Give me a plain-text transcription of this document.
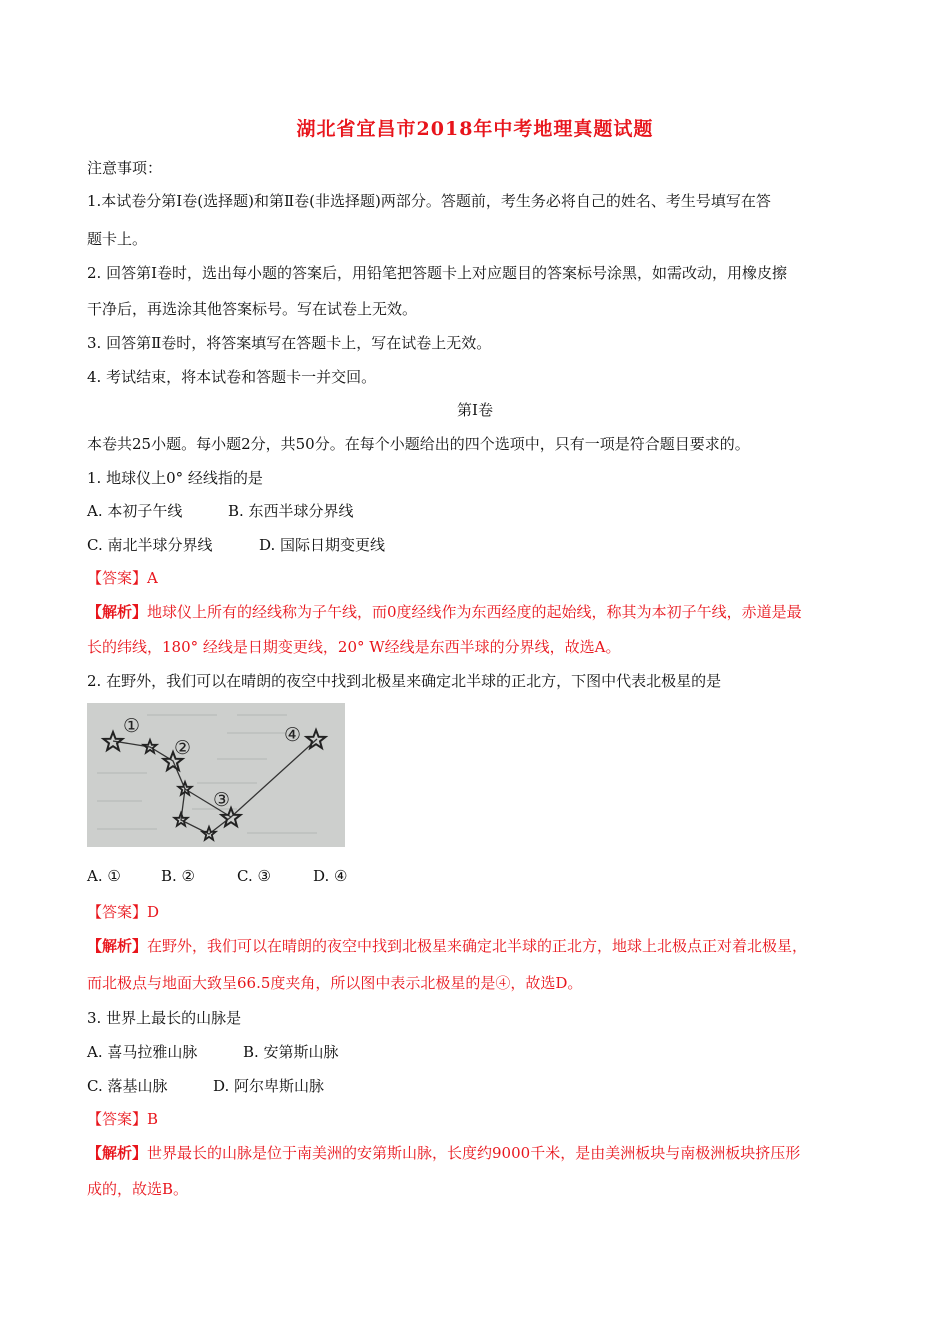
湖北省宜昌市2018年中考地理真题试题
注意事项：
1.本试卷分第Ⅰ卷(选择题)和第Ⅱ卷(非选择题)两部分。答题前，考生务必将自己的姓名、考生号填写在答
题卡上。
2. 回答第Ⅰ卷时，选出每小题的答案后，用铅笔把答题卡上对应题目的答案标号涂黑，如需改动，用橡皮擦
干净后，再选涂其他答案标号。写在试卷上无效。
3. 回答第Ⅱ卷时，将答案填写在答题卡上，写在试卷上无效。
4. 考试结束，将本试卷和答题卡一并交回。
第Ⅰ卷
本卷共25小题。每小题2分，共50分。在每个小题给出的四个选项中，只有一项是符合题目要求的。
1. 地球仪上0° 经线指的是
A. 本初子午线	B. 东西半球分界线
C. 南北半球分界线	D. 国际日期变更线
【答案】A
【解析】地球仪上所有的经线称为子午线，而0度经线作为东西经度的起始线，称其为本初子午线，赤道是最
长的纬线，180° 经线是日期变更线，20° W经线是东西半球的分界线，故选A。
2. 在野外，我们可以在晴朗的夜空中找到北极星来确定北半球的正北方，下图中代表北极星的是
①
②
③
④
A. ①	B. ②	C. ③	D. ④
【答案】D
【解析】在野外，我们可以在晴朗的夜空中找到北极星来确定北半球的正北方，地球上北极点正对着北极星，
而北极点与地面大致呈66.5度夹角，所以图中表示北极星的是④，故选D。
3. 世界上最长的山脉是
A. 喜马拉雅山脉	B. 安第斯山脉
C. 落基山脉	D. 阿尔卑斯山脉
【答案】B
【解析】世界最长的山脉是位于南美洲的安第斯山脉，长度约9000千米，是由美洲板块与南极洲板块挤压形
成的，故选B。
